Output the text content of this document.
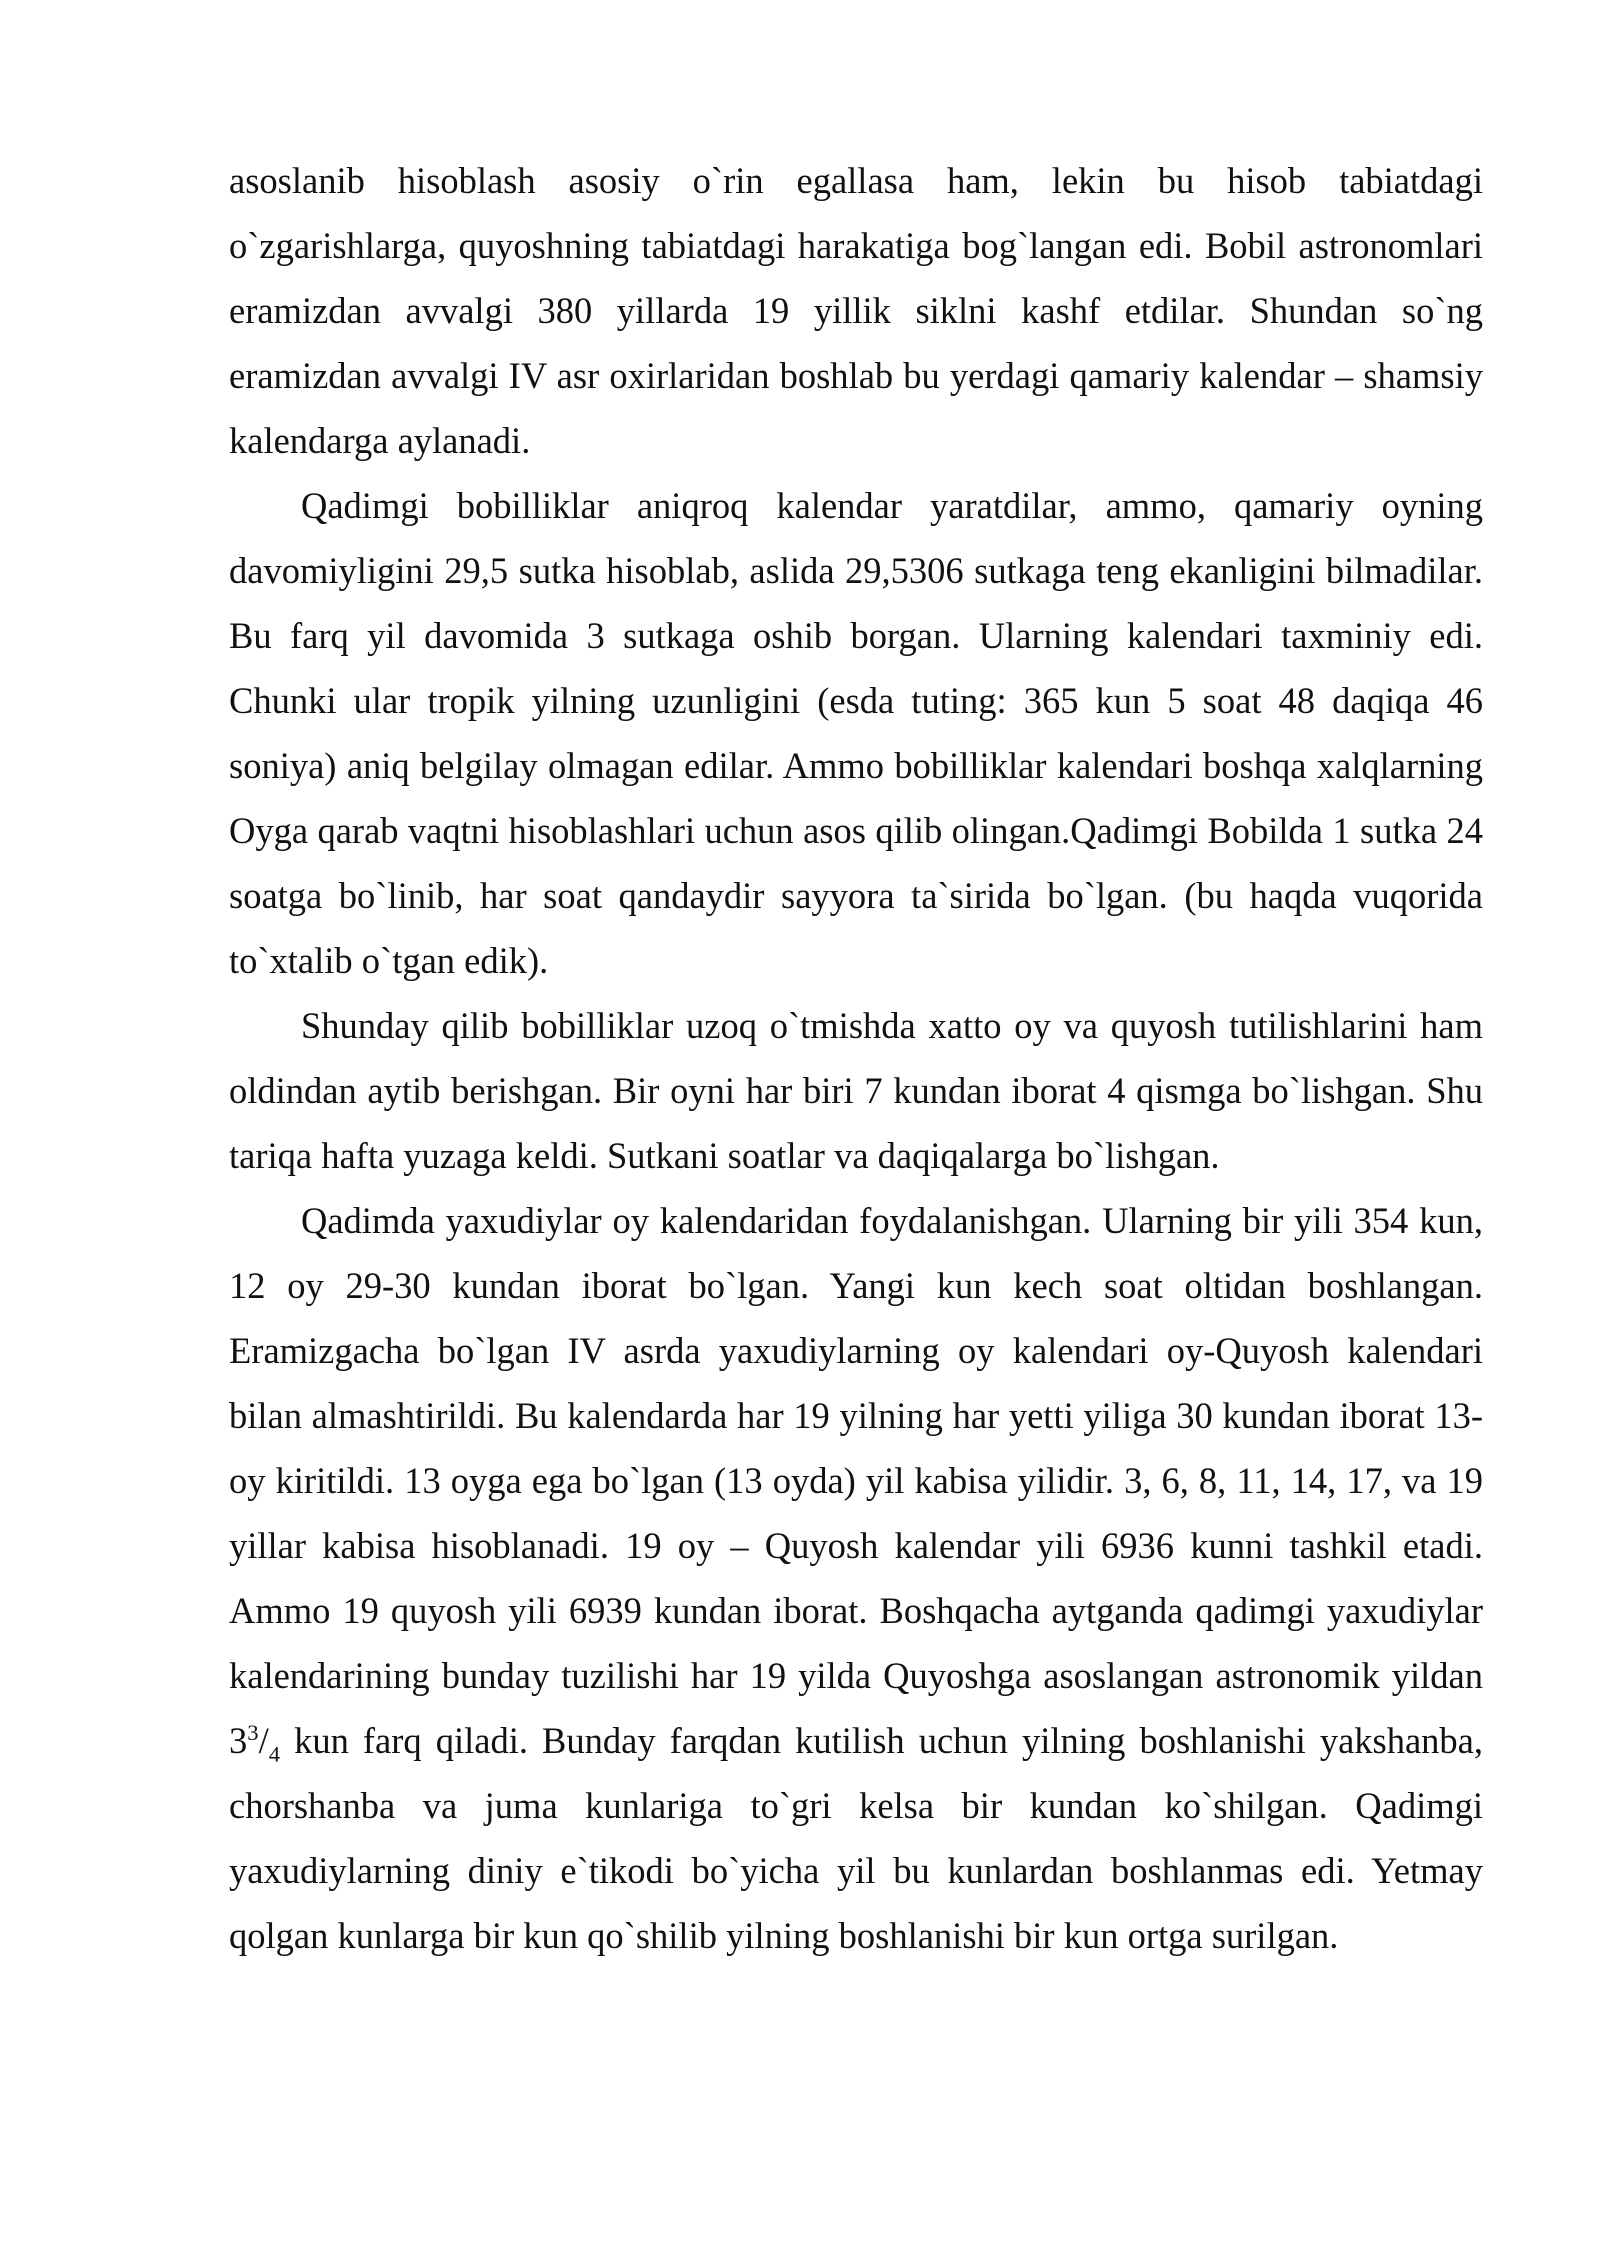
asoslanib hisoblash asosiy o`rin egallasa ham, lekin bu hisob tabiatdagi o`zgarishlarga, quyoshning tabiatdagi harakatiga bog`langan edi. Bobil astronomlari eramizdan avvalgi 380 yillarda 19 yillik siklni kashf etdilar. Shundan so`ng eramizdan avvalgi IV asr oxirlaridan boshlab bu yerdagi qamariy kalendar – shamsiy kalendarga aylanadi.

Qadimgi bobilliklar aniqroq kalendar yaratdilar, ammo, qamariy oyning davomiyligini 29,5 sutka hisoblab, aslida 29,5306 sutkaga teng ekanligini bilmadilar. Bu farq yil davomida 3 sutkaga oshib borgan. Ularning kalendari taxminiy edi. Chunki ular tropik yilning uzunligini (esda tuting: 365 kun 5 soat 48 daqiqa 46 soniya) aniq belgilay olmagan edilar. Ammo bobilliklar kalendari boshqa xalqlarning Oyga qarab vaqtni hisoblashlari uchun asos qilib olingan.Qadimgi Bobilda 1 sutka 24 soatga bo`linib, har soat qandaydir sayyora ta`sirida bo`lgan. (bu haqda vuqorida to`xtalib o`tgan edik).

Shunday qilib bobilliklar uzoq o`tmishda xatto oy va quyosh tutilishlarini ham oldindan aytib berishgan. Bir oyni har biri 7 kundan iborat 4 qismga bo`lishgan. Shu tariqa hafta yuzaga keldi. Sutkani soatlar va daqiqalarga bo`lishgan.

Qadimda yaxudiylar oy kalendaridan foydalanishgan. Ularning bir yili 354 kun, 12 oy 29-30 kundan iborat bo`lgan. Yangi kun kech soat oltidan boshlangan. Eramizgacha bo`lgan IV asrda yaxudiylarning oy kalendari oy-Quyosh kalendari bilan almashtirildi. Bu kalendarda har 19 yilning har yetti yiliga 30 kundan iborat 13-oy kiritildi. 13 oyga ega bo`lgan (13 oyda) yil kabisa yilidir. 3, 6, 8, 11, 14, 17, va 19 yillar kabisa hisoblanadi. 19 oy – Quyosh kalendar yili 6936 kunni tashkil etadi. Ammo 19 quyosh yili 6939 kundan iborat. Boshqacha aytganda qadimgi yaxudiylar kalendarining bunday tuzilishi har 19 yilda Quyoshga asoslangan astronomik yildan $3^3/_4$ kun farq qiladi. Bunday farqdan kutilish uchun yilning boshlanishi yakshanba, chorshanba va juma kunlariga to`gri kelsa bir kundan ko`shilgan. Qadimgi yaxudiylarning diniy e`tikodi bo`yicha yil bu kunlardan boshlanmas edi. Yetmay qolgan kunlarga bir kun qo`shilib yilning boshlanishi bir kun ortga surilgan.
